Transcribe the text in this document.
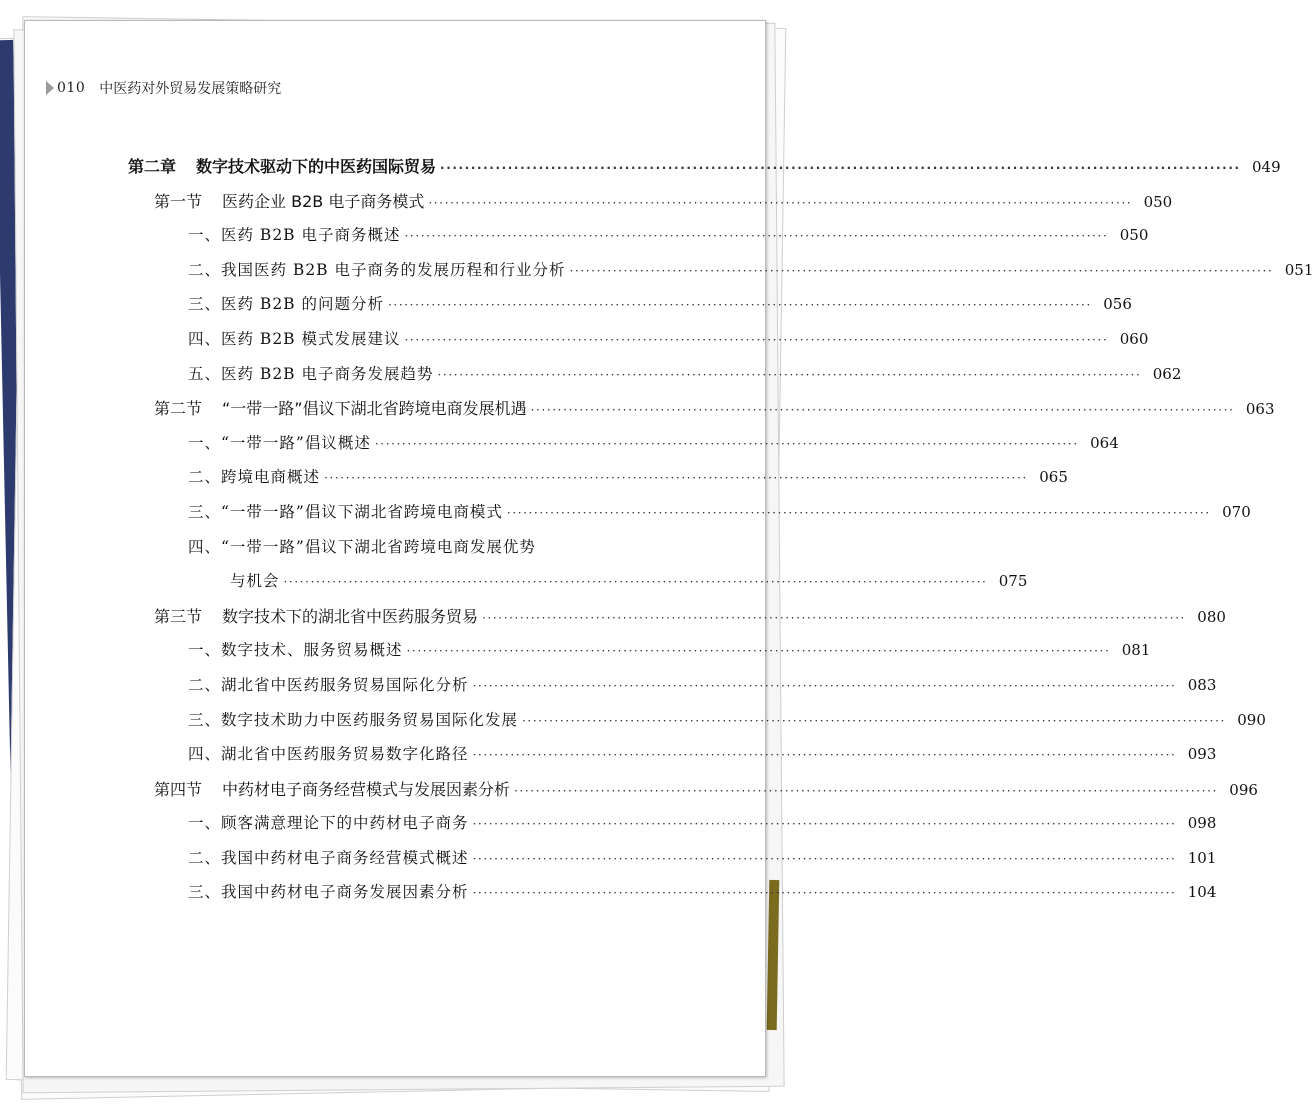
010 中医药对外贸易发展策略研究
第二章 数字技术驱动下的中医药国际贸易 ·····	049
第一节 医药企业 B2B 电子商务模式 ·····	050
一、医药 B2B 电子商务概述 ·····	050
二、我国医药 B2B 电子商务的发展历程和行业分析 ·····	051
三、医药 B2B 的问题分析 ·····	056
四、医药 B2B 模式发展建议 ·····	060
五、医药 B2B 电子商务发展趋势 ·····	062
第二节 “一带一路”倡议下湖北省跨境电商发展机遇 ·····	063
一、“一带一路”倡议概述 ·····	064
二、跨境电商概述 ·····	065
三、“一带一路”倡议下湖北省跨境电商模式 ·····	070
四、“一带一路”倡议下湖北省跨境电商发展优势
与机会 ·····	075
第三节 数字技术下的湖北省中医药服务贸易 ·····	080
一、数字技术、服务贸易概述 ·····	081
二、湖北省中医药服务贸易国际化分析 ·····	083
三、数字技术助力中医药服务贸易国际化发展 ·····	090
四、湖北省中医药服务贸易数字化路径 ·····	093
第四节 中药材电子商务经营模式与发展因素分析 ·····	096
一、顾客满意理论下的中药材电子商务 ·····	098
二、我国中药材电子商务经营模式概述 ·····	101
三、我国中药材电子商务发展因素分析 ·····	104
